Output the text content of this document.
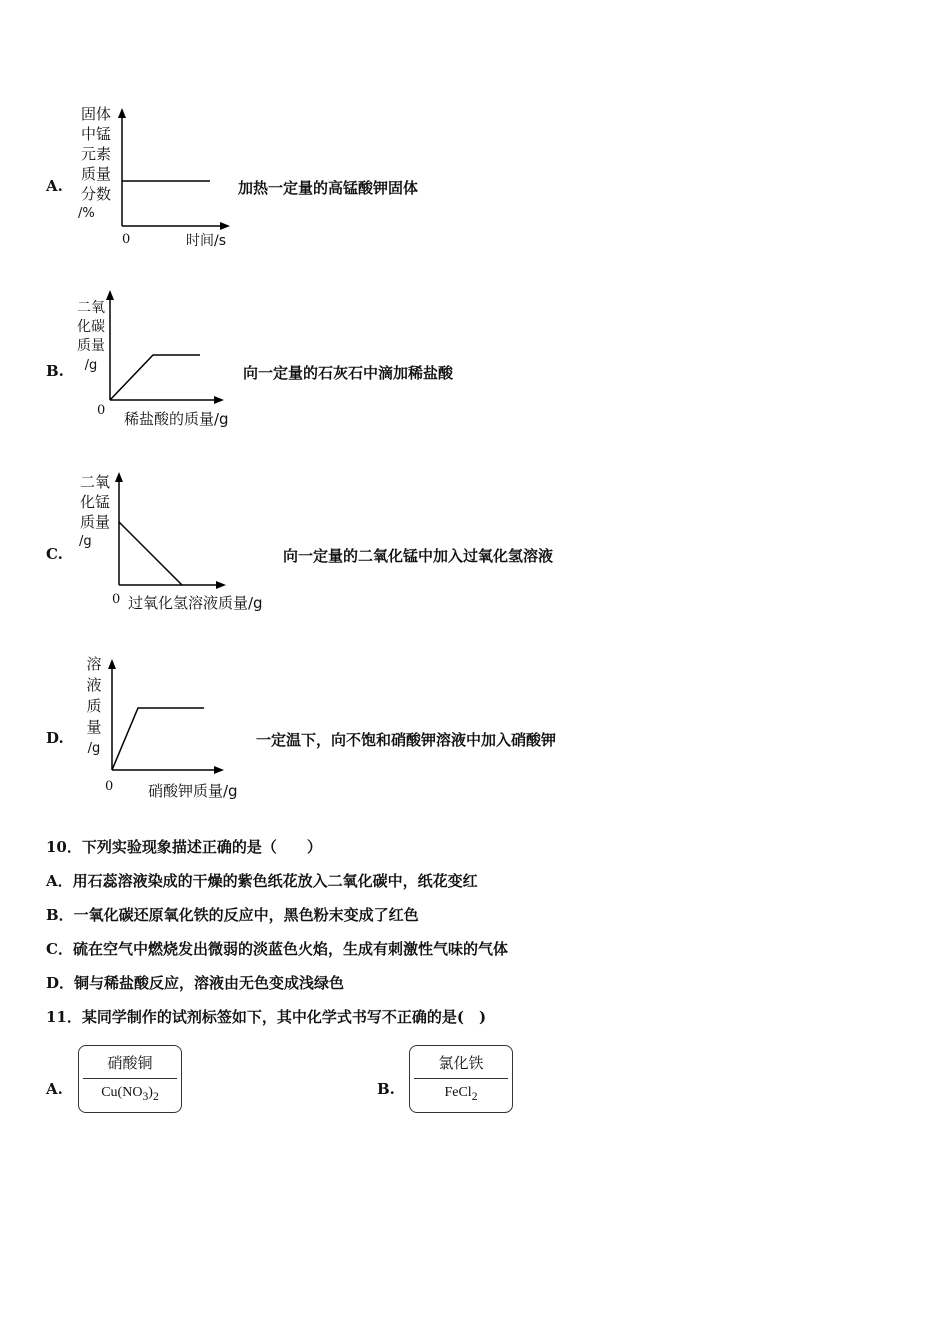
A.
固体
中锰
元素
质量
分数
/%
0	时间/s
加热一定量的高锰酸钾固体
B.
二氧
化碳
质量
/g
0 稀盐酸的质量/g
向一定量的石灰石中滴加稀盐酸
C.
二氧
化锰
质量
/g
0 过氧化氢溶液质量/g
向一定量的二氧化锰中加入过氧化氢溶液
D.
溶
液
质
量
/g
0 硝酸钾质量/g
一定温下，向不饱和硝酸钾溶液中加入硝酸钾
10．下列实验现象描述正确的是（　　）
A．用石蕊溶液染成的干燥的紫色纸花放入二氧化碳中，纸花变红
B．一氧化碳还原氧化铁的反应中，黑色粉末变成了红色
C．硫在空气中燃烧发出微弱的淡蓝色火焰，生成有刺激性气味的气体
D．铜与稀盐酸反应，溶液由无色变成浅绿色
11．某同学制作的试剂标签如下，其中化学式书写不正确的是(　)
A.
硝酸铜
$Cu(NO_3)_2$	B.
氯化铁
FeCl$_2$
